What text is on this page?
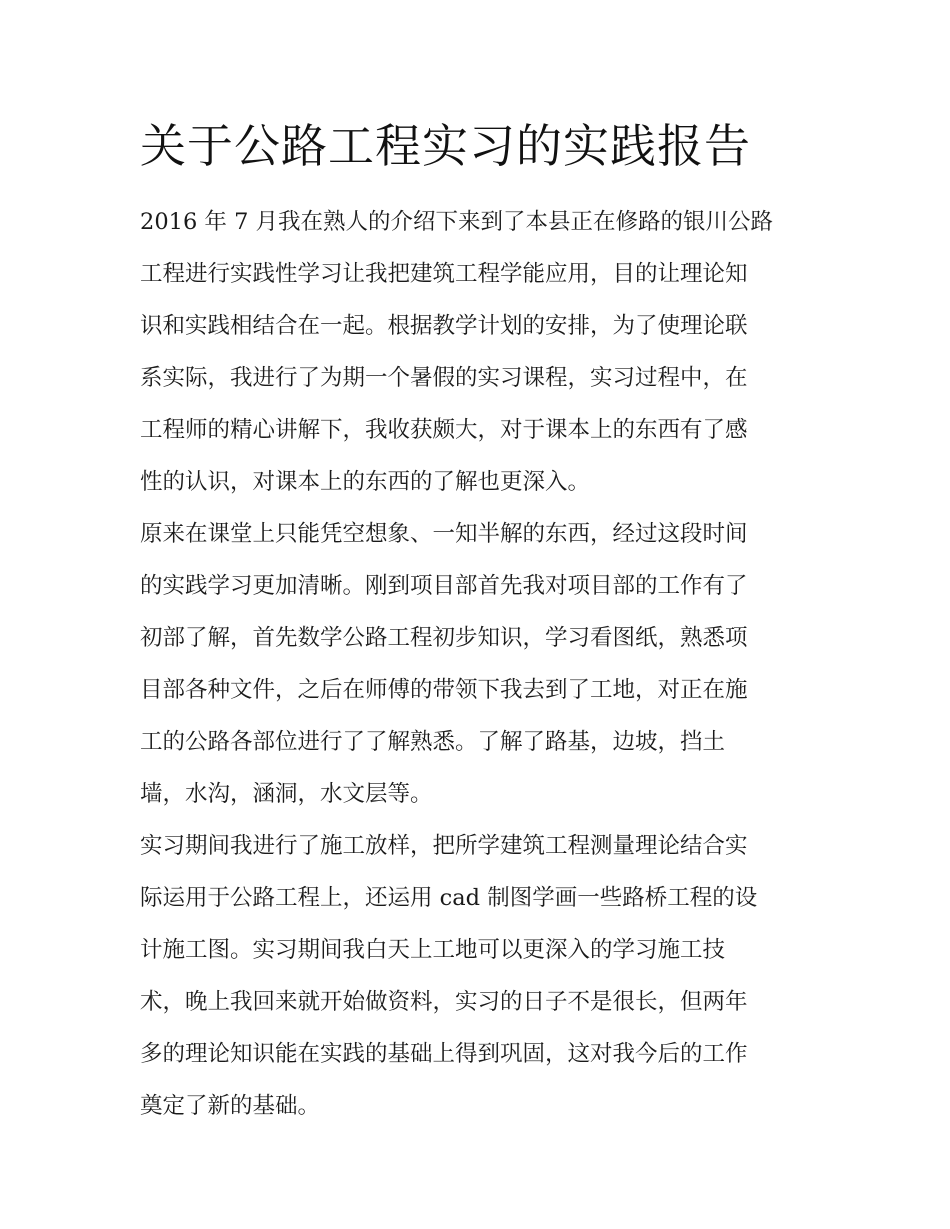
关于公路工程实习的实践报告

2016 年 7 月我在熟人的介绍下来到了本县正在修路的银川公路
工程进行实践性学习让我把建筑工程学能应用，目的让理论知
识和实践相结合在一起。根据教学计划的安排，为了使理论联
系实际，我进行了为期一个暑假的实习课程，实习过程中，在
工程师的精心讲解下，我收获颇大，对于课本上的东西有了感
性的认识，对课本上的东西的了解也更深入。

原来在课堂上只能凭空想象、一知半解的东西，经过这段时间
的实践学习更加清晰。刚到项目部首先我对项目部的工作有了
初部了解，首先数学公路工程初步知识，学习看图纸，熟悉项
目部各种文件，之后在师傅的带领下我去到了工地，对正在施
工的公路各部位进行了了解熟悉。了解了路基，边坡，挡土
墙，水沟，涵洞，水文层等。

实习期间我进行了施工放样，把所学建筑工程测量理论结合实
际运用于公路工程上，还运用 cad 制图学画一些路桥工程的设
计施工图。实习期间我白天上工地可以更深入的学习施工技
术，晚上我回来就开始做资料，实习的日子不是很长，但两年
多的理论知识能在实践的基础上得到巩固，这对我今后的工作
奠定了新的基础。
